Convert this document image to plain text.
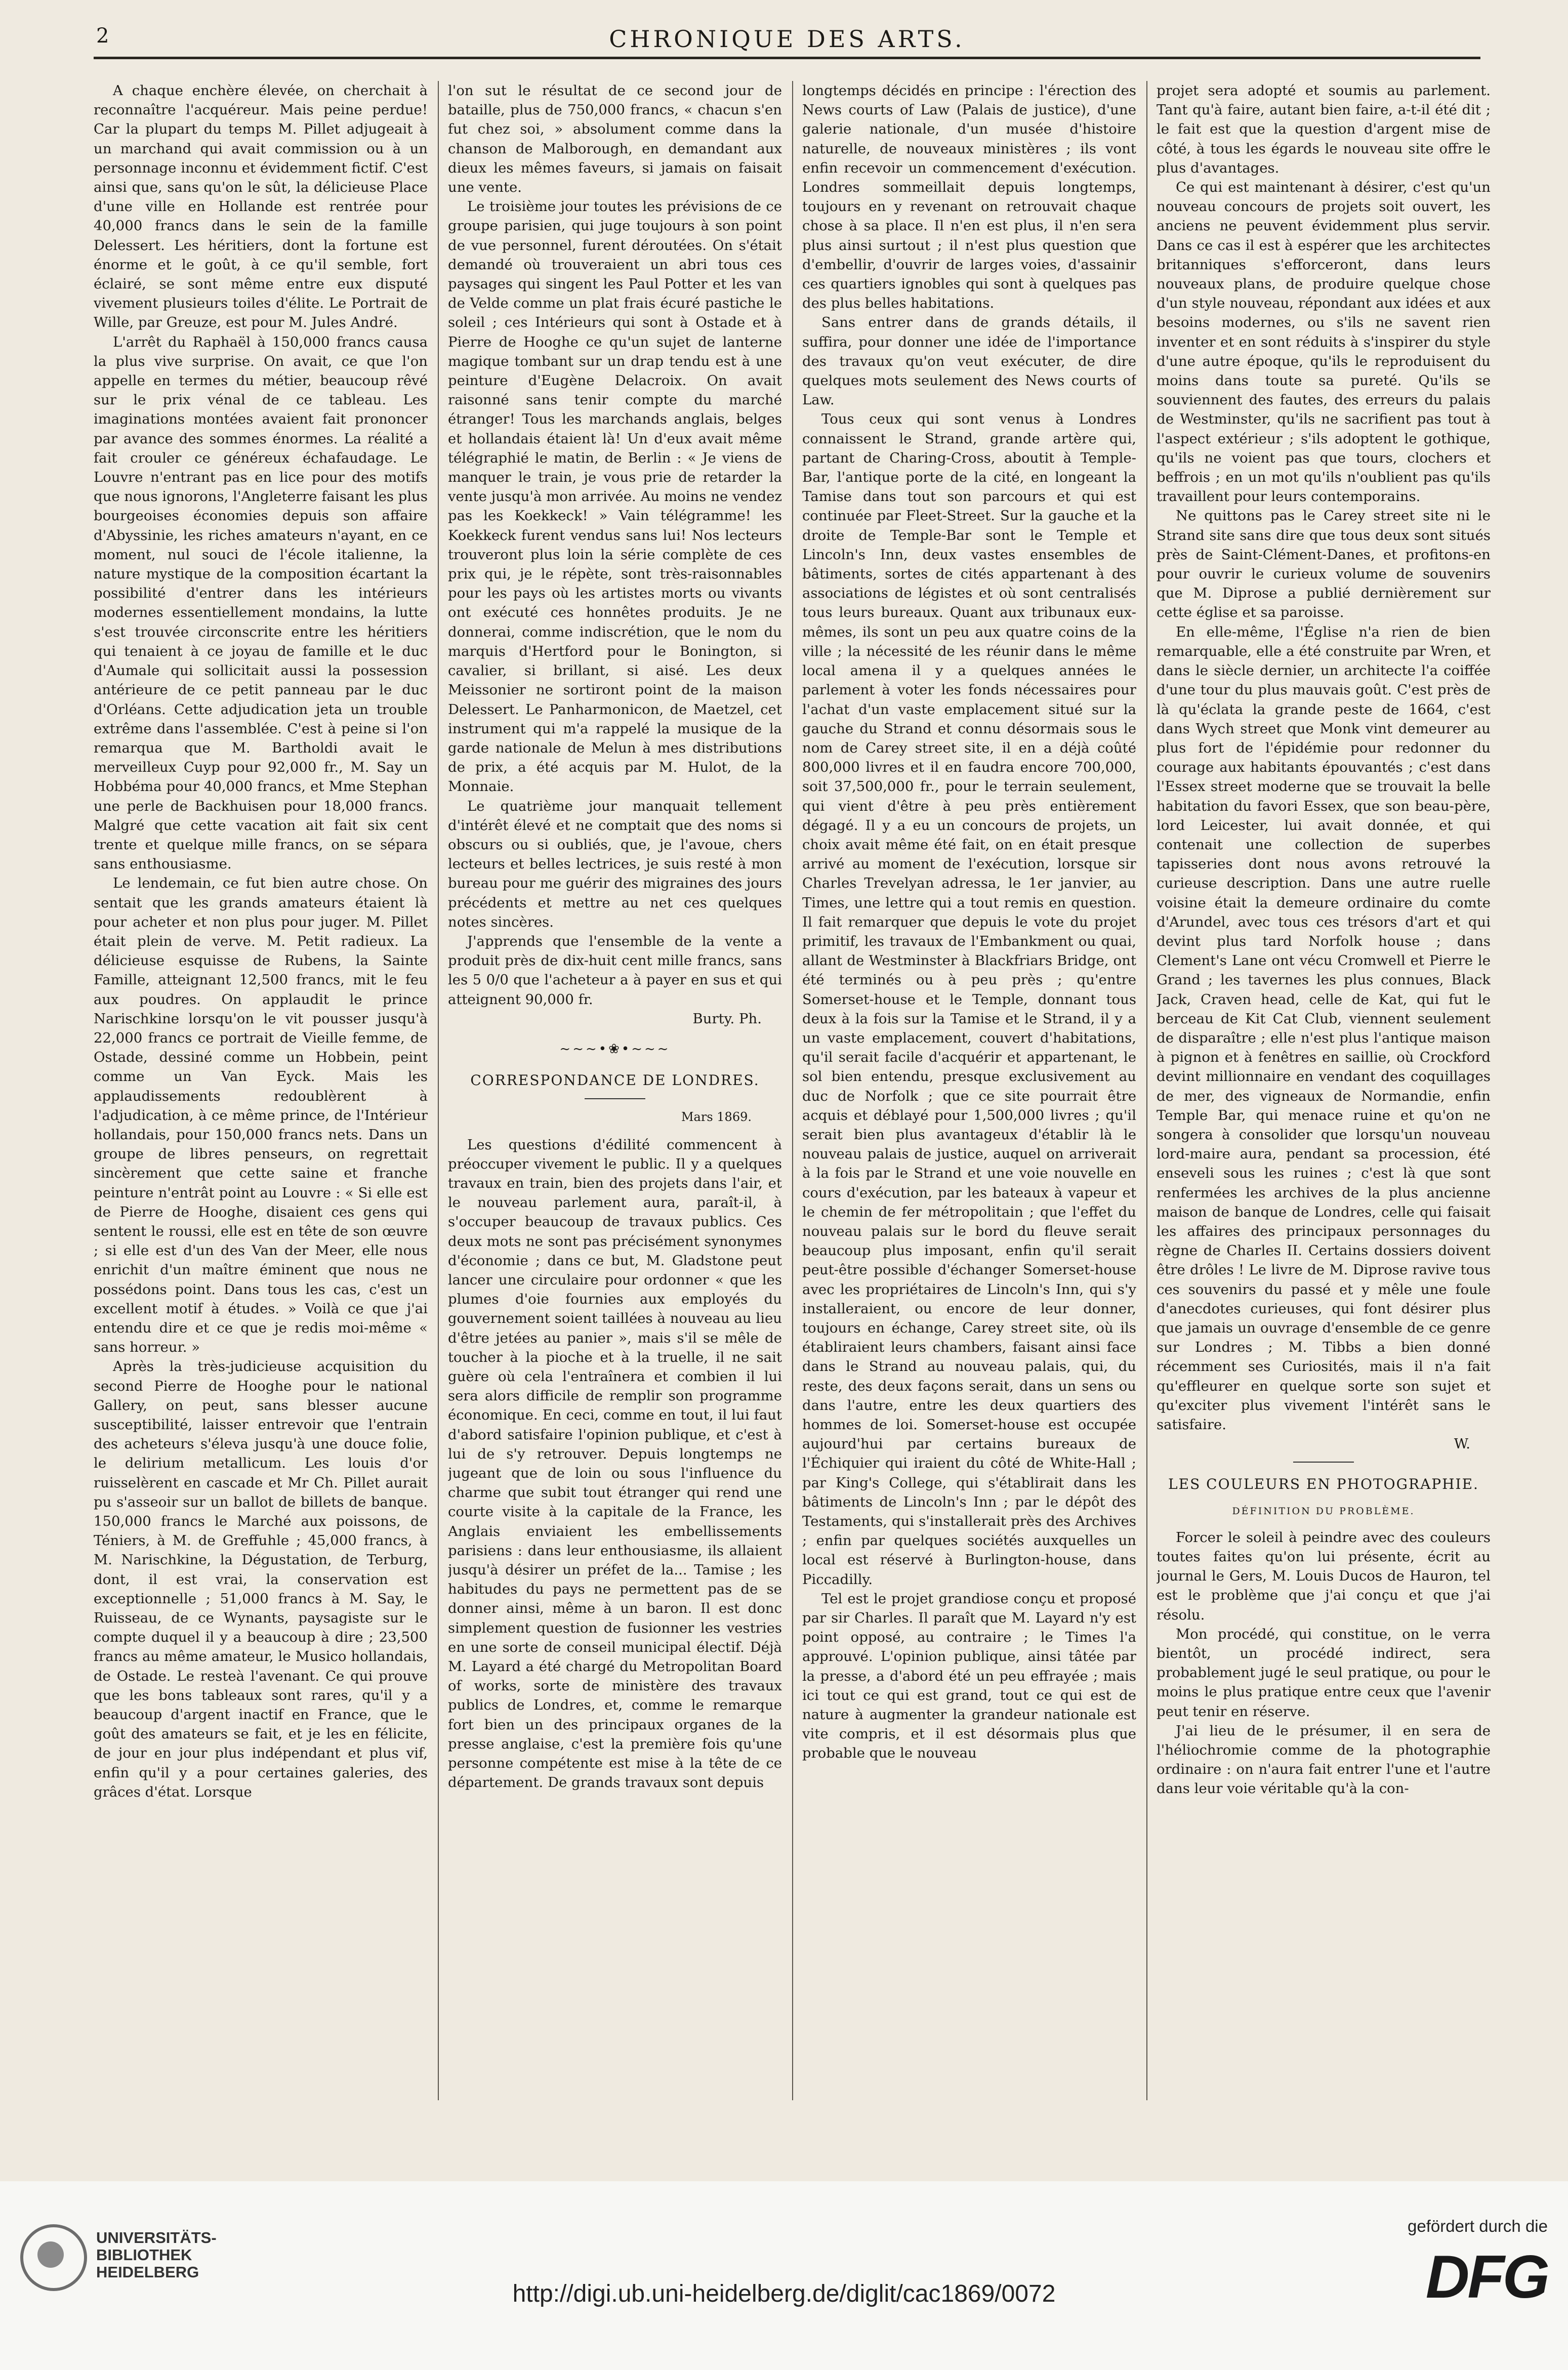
2	CHRONIQUE DES ARTS.

A chaque enchère élevée, on cherchait à reconnaître l'acquéreur. Mais peine perdue! Car la plupart du temps M. Pillet adjugeait à un marchand qui avait commission ou à un personnage inconnu et évidemment fictif. C'est ainsi que, sans qu'on le sût, la délicieuse Place d'une ville en Hollande est rentrée pour 40,000 francs dans le sein de la famille Delessert. Les héritiers, dont la fortune est énorme et le goût, à ce qu'il semble, fort éclairé, se sont même entre eux disputé vivement plusieurs toiles d'élite. Le Portrait de Wille, par Greuze, est pour M. Jules André.

L'arrêt du Raphaël à 150,000 francs causa la plus vive surprise. On avait, ce que l'on appelle en termes du métier, beaucoup rêvé sur le prix vénal de ce tableau. Les imaginations montées avaient fait prononcer par avance des sommes énormes. La réalité a fait crouler ce généreux échafaudage. Le Louvre n'entrant pas en lice pour des motifs que nous ignorons, l'Angleterre faisant les plus bourgeoises économies depuis son affaire d'Abyssinie, les riches amateurs n'ayant, en ce moment, nul souci de l'école italienne, la nature mystique de la composition écartant la possibilité d'entrer dans les intérieurs modernes essentiellement mondains, la lutte s'est trouvée circonscrite entre les héritiers qui tenaient à ce joyau de famille et le duc d'Aumale qui sollicitait aussi la possession antérieure de ce petit panneau par le duc d'Orléans. Cette adjudication jeta un trouble extrême dans l'assemblée. C'est à peine si l'on remarqua que M. Bartholdi avait le merveilleux Cuyp pour 92,000 fr., M. Say un Hobbéma pour 40,000 francs, et Mme Stephan une perle de Backhuisen pour 18,000 francs. Malgré que cette vacation ait fait six cent trente et quelque mille francs, on se sépara sans enthousiasme.

Le lendemain, ce fut bien autre chose. On sentait que les grands amateurs étaient là pour acheter et non plus pour juger. M. Pillet était plein de verve. M. Petit radieux. La délicieuse esquisse de Rubens, la Sainte Famille, atteignant 12,500 francs, mit le feu aux poudres. On applaudit le prince Narischkine lorsqu'on le vit pousser jusqu'à 22,000 francs ce portrait de Vieille femme, de Ostade, dessiné comme un Hobbein, peint comme un Van Eyck. Mais les applaudissements redoublèrent à l'adjudication, à ce même prince, de l'Intérieur hollandais, pour 150,000 francs nets. Dans un groupe de libres penseurs, on regrettait sincèrement que cette saine et franche peinture n'entrât point au Louvre : « Si elle est de Pierre de Hooghe, disaient ces gens qui sentent le roussi, elle est en tête de son œuvre ; si elle est d'un des Van der Meer, elle nous enrichit d'un maître éminent que nous ne possédons point. Dans tous les cas, c'est un excellent motif à études. » Voilà ce que j'ai entendu dire et ce que je redis moi-même « sans horreur. »

Après la très-judicieuse acquisition du second Pierre de Hooghe pour le national Gallery, on peut, sans blesser aucune susceptibilité, laisser entrevoir que l'entrain des acheteurs s'éleva jusqu'à une douce folie, le delirium metallicum. Les louis d'or ruisselèrent en cascade et Mr Ch. Pillet aurait pu s'asseoir sur un ballot de billets de banque. 150,000 francs le Marché aux poissons, de Téniers, à M. de Greffuhle ; 45,000 francs, à M. Narischkine, la Dégustation, de Terburg, dont, il est vrai, la conservation est exceptionnelle ; 51,000 francs à M. Say, le Ruisseau, de ce Wynants, paysagiste sur le compte duquel il y a beaucoup à dire ; 23,500 francs au même amateur, le Musico hollandais, de Ostade. Le resteà l'avenant. Ce qui prouve que les bons tableaux sont rares, qu'il y a beaucoup d'argent inactif en France, que le goût des amateurs se fait, et je les en félicite, de jour en jour plus indépendant et plus vif, enfin qu'il y a pour certaines galeries, des grâces d'état. Lorsque

l'on sut le résultat de ce second jour de bataille, plus de 750,000 francs, « chacun s'en fut chez soi, » absolument comme dans la chanson de Malborough, en demandant aux dieux les mêmes faveurs, si jamais on faisait une vente.

Le troisième jour toutes les prévisions de ce groupe parisien, qui juge toujours à son point de vue personnel, furent déroutées. On s'était demandé où trouveraient un abri tous ces paysages qui singent les Paul Potter et les van de Velde comme un plat frais écuré pastiche le soleil ; ces Intérieurs qui sont à Ostade et à Pierre de Hooghe ce qu'un sujet de lanterne magique tombant sur un drap tendu est à une peinture d'Eugène Delacroix. On avait raisonné sans tenir compte du marché étranger! Tous les marchands anglais, belges et hollandais étaient là! Un d'eux avait même télégraphié le matin, de Berlin : « Je viens de manquer le train, je vous prie de retarder la vente jusqu'à mon arrivée. Au moins ne vendez pas les Koekkeck! » Vain télégramme! les Koekkeck furent vendus sans lui! Nos lecteurs trouveront plus loin la série complète de ces prix qui, je le répète, sont très-raisonnables pour les pays où les artistes morts ou vivants ont exécuté ces honnêtes produits. Je ne donnerai, comme indiscrétion, que le nom du marquis d'Hertford pour le Bonington, si cavalier, si brillant, si aisé. Les deux Meissonier ne sortiront point de la maison Delessert. Le Panharmonicon, de Maetzel, cet instrument qui m'a rappelé la musique de la garde nationale de Melun à mes distributions de prix, a été acquis par M. Hulot, de la Monnaie.

Le quatrième jour manquait tellement d'intérêt élevé et ne comptait que des noms si obscurs ou si oubliés, que, je l'avoue, chers lecteurs et belles lectrices, je suis resté à mon bureau pour me guérir des migraines des jours précédents et mettre au net ces quelques notes sincères.

J'apprends que l'ensemble de la vente a produit près de dix-huit cent mille francs, sans les 5 0/0 que l'acheteur a à payer en sus et qui atteignent 90,000 fr.

Burty. Ph.

~~~•❀•~~~
CORRESPONDANCE DE LONDRES.
Mars 1869.

Les questions d'édilité commencent à préoccuper vivement le public. Il y a quelques travaux en train, bien des projets dans l'air, et le nouveau parlement aura, paraît-il, à s'occuper beaucoup de travaux publics. Ces deux mots ne sont pas précisément synonymes d'économie ; dans ce but, M. Gladstone peut lancer une circulaire pour ordonner « que les plumes d'oie fournies aux employés du gouvernement soient taillées à nouveau au lieu d'être jetées au panier », mais s'il se mêle de toucher à la pioche et à la truelle, il ne sait guère où cela l'entraînera et combien il lui sera alors difficile de remplir son programme économique. En ceci, comme en tout, il lui faut d'abord satisfaire l'opinion publique, et c'est à lui de s'y retrouver. Depuis longtemps ne jugeant que de loin ou sous l'influence du charme que subit tout étranger qui rend une courte visite à la capitale de la France, les Anglais enviaient les embellissements parisiens : dans leur enthousiasme, ils allaient jusqu'à désirer un préfet de la... Tamise ; les habitudes du pays ne permettent pas de se donner ainsi, même à un baron. Il est donc simplement question de fusionner les vestries en une sorte de conseil municipal électif. Déjà M. Layard a été chargé du Metropolitan Board of works, sorte de ministère des travaux publics de Londres, et, comme le remarque fort bien un des principaux organes de la presse anglaise, c'est la première fois qu'une personne compétente est mise à la tête de ce département. De grands travaux sont depuis

longtemps décidés en principe : l'érection des News courts of Law (Palais de justice), d'une galerie nationale, d'un musée d'histoire naturelle, de nouveaux ministères ; ils vont enfin recevoir un commencement d'exécution. Londres sommeillait depuis longtemps, toujours en y revenant on retrouvait chaque chose à sa place. Il n'en est plus, il n'en sera plus ainsi surtout ; il n'est plus question que d'embellir, d'ouvrir de larges voies, d'assainir ces quartiers ignobles qui sont à quelques pas des plus belles habitations.

Sans entrer dans de grands détails, il suffira, pour donner une idée de l'importance des travaux qu'on veut exécuter, de dire quelques mots seulement des News courts of Law.

Tous ceux qui sont venus à Londres connaissent le Strand, grande artère qui, partant de Charing-Cross, aboutit à Temple-Bar, l'antique porte de la cité, en longeant la Tamise dans tout son parcours et qui est continuée par Fleet-Street. Sur la gauche et la droite de Temple-Bar sont le Temple et Lincoln's Inn, deux vastes ensembles de bâtiments, sortes de cités appartenant à des associations de légistes et où sont centralisés tous leurs bureaux. Quant aux tribunaux eux-mêmes, ils sont un peu aux quatre coins de la ville ; la nécessité de les réunir dans le même local amena il y a quelques années le parlement à voter les fonds nécessaires pour l'achat d'un vaste emplacement situé sur la gauche du Strand et connu désormais sous le nom de Carey street site, il en a déjà coûté 800,000 livres et il en faudra encore 700,000, soit 37,500,000 fr., pour le terrain seulement, qui vient d'être à peu près entièrement dégagé. Il y a eu un concours de projets, un choix avait même été fait, on en était presque arrivé au moment de l'exécution, lorsque sir Charles Trevelyan adressa, le 1er janvier, au Times, une lettre qui a tout remis en question. Il fait remarquer que depuis le vote du projet primitif, les travaux de l'Embankment ou quai, allant de Westminster à Blackfriars Bridge, ont été terminés ou à peu près ; qu'entre Somerset-house et le Temple, donnant tous deux à la fois sur la Tamise et le Strand, il y a un vaste emplacement, couvert d'habitations, qu'il serait facile d'acquérir et appartenant, le sol bien entendu, presque exclusivement au duc de Norfolk ; que ce site pourrait être acquis et déblayé pour 1,500,000 livres ; qu'il serait bien plus avantageux d'établir là le nouveau palais de justice, auquel on arriverait à la fois par le Strand et une voie nouvelle en cours d'exécution, par les bateaux à vapeur et le chemin de fer métropolitain ; que l'effet du nouveau palais sur le bord du fleuve serait beaucoup plus imposant, enfin qu'il serait peut-être possible d'échanger Somerset-house avec les propriétaires de Lincoln's Inn, qui s'y installeraient, ou encore de leur donner, toujours en échange, Carey street site, où ils établiraient leurs chambers, faisant ainsi face dans le Strand au nouveau palais, qui, du reste, des deux façons serait, dans un sens ou dans l'autre, entre les deux quartiers des hommes de loi. Somerset-house est occupée aujourd'hui par certains bureaux de l'Échiquier qui iraient du côté de White-Hall ; par King's College, qui s'établirait dans les bâtiments de Lincoln's Inn ; par le dépôt des Testaments, qui s'installerait près des Archives ; enfin par quelques sociétés auxquelles un local est réservé à Burlington-house, dans Piccadilly.

Tel est le projet grandiose conçu et proposé par sir Charles. Il paraît que M. Layard n'y est point opposé, au contraire ; le Times l'a approuvé. L'opinion publique, ainsi tâtée par la presse, a d'abord été un peu effrayée ; mais ici tout ce qui est grand, tout ce qui est de nature à augmenter la grandeur nationale est vite compris, et il est désormais plus que probable que le nouveau

projet sera adopté et soumis au parlement. Tant qu'à faire, autant bien faire, a-t-il été dit ; le fait est que la question d'argent mise de côté, à tous les égards le nouveau site offre le plus d'avantages.

Ce qui est maintenant à désirer, c'est qu'un nouveau concours de projets soit ouvert, les anciens ne peuvent évidemment plus servir. Dans ce cas il est à espérer que les architectes britanniques s'efforceront, dans leurs nouveaux plans, de produire quelque chose d'un style nouveau, répondant aux idées et aux besoins modernes, ou s'ils ne savent rien inventer et en sont réduits à s'inspirer du style d'une autre époque, qu'ils le reproduisent du moins dans toute sa pureté. Qu'ils se souviennent des fautes, des erreurs du palais de Westminster, qu'ils ne sacrifient pas tout à l'aspect extérieur ; s'ils adoptent le gothique, qu'ils ne voient pas que tours, clochers et beffrois ; en un mot qu'ils n'oublient pas qu'ils travaillent pour leurs contemporains.

Ne quittons pas le Carey street site ni le Strand site sans dire que tous deux sont situés près de Saint-Clément-Danes, et profitons-en pour ouvrir le curieux volume de souvenirs que M. Diprose a publié dernièrement sur cette église et sa paroisse.

En elle-même, l'Église n'a rien de bien remarquable, elle a été construite par Wren, et dans le siècle dernier, un architecte l'a coiffée d'une tour du plus mauvais goût. C'est près de là qu'éclata la grande peste de 1664, c'est dans Wych street que Monk vint demeurer au plus fort de l'épidémie pour redonner du courage aux habitants épouvantés ; c'est dans l'Essex street moderne que se trouvait la belle habitation du favori Essex, que son beau-père, lord Leicester, lui avait donnée, et qui contenait une collection de superbes tapisseries dont nous avons retrouvé la curieuse description. Dans une autre ruelle voisine était la demeure ordinaire du comte d'Arundel, avec tous ces trésors d'art et qui devint plus tard Norfolk house ; dans Clement's Lane ont vécu Cromwell et Pierre le Grand ; les tavernes les plus connues, Black Jack, Craven head, celle de Kat, qui fut le berceau de Kit Cat Club, viennent seulement de disparaître ; elle n'est plus l'antique maison à pignon et à fenêtres en saillie, où Crockford devint millionnaire en vendant des coquillages de mer, des vigneaux de Normandie, enfin Temple Bar, qui menace ruine et qu'on ne songera à consolider que lorsqu'un nouveau lord-maire aura, pendant sa procession, été enseveli sous les ruines ; c'est là que sont renfermées les archives de la plus ancienne maison de banque de Londres, celle qui faisait les affaires des principaux personnages du règne de Charles II. Certains dossiers doivent être drôles ! Le livre de M. Diprose ravive tous ces souvenirs du passé et y mêle une foule d'anecdotes curieuses, qui font désirer plus que jamais un ouvrage d'ensemble de ce genre sur Londres ; M. Tibbs a bien donné récemment ses Curiosités, mais il n'a fait qu'effleurer en quelque sorte son sujet et qu'exciter plus vivement l'intérêt sans le satisfaire.

W.

LES COULEURS EN PHOTOGRAPHIE.
DÉFINITION DU PROBLÈME.

Forcer le soleil à peindre avec des couleurs toutes faites qu'on lui présente, écrit au journal le Gers, M. Louis Ducos de Hauron, tel est le problème que j'ai conçu et que j'ai résolu.

Mon procédé, qui constitue, on le verra bientôt, un procédé indirect, sera probablement jugé le seul pratique, ou pour le moins le plus pratique entre ceux que l'avenir peut tenir en réserve.

J'ai lieu de le présumer, il en sera de l'héliochromie comme de la photographie ordinaire : on n'aura fait entrer l'une et l'autre dans leur voie véritable qu'à la con-

UNIVERSITÄTS-
BIBLIOTHEK
HEIDELBERG
http://digi.ub.uni-heidelberg.de/diglit/cac1869/0072
gefördert durch die
DFG
